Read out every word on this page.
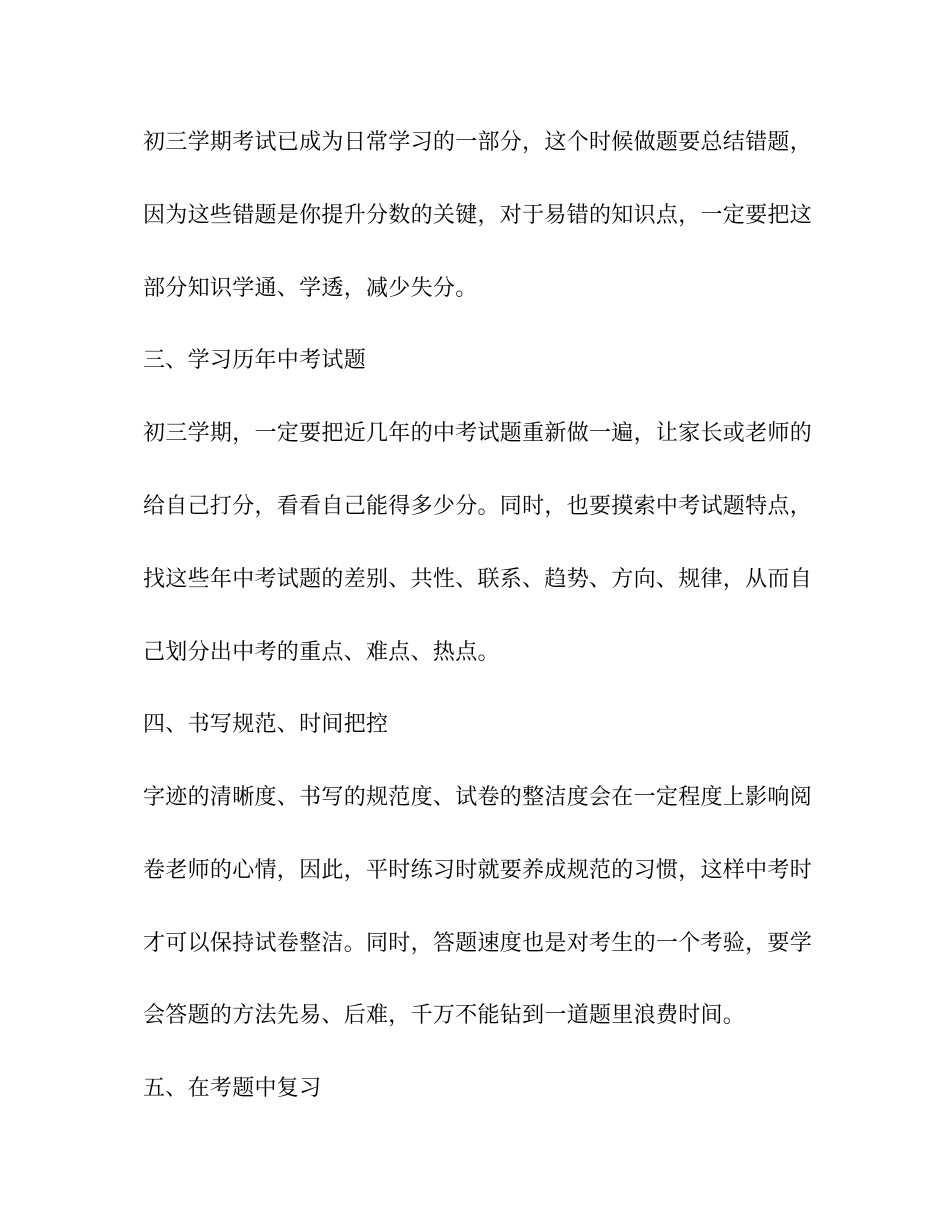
初三学期考试已成为日常学习的一部分，这个时候做题要总结错题，
因为这些错题是你提升分数的关键，对于易错的知识点，一定要把这
部分知识学通、学透，减少失分。
三、学习历年中考试题
初三学期，一定要把近几年的中考试题重新做一遍，让家长或老师的
给自己打分，看看自己能得多少分。同时，也要摸索中考试题特点，
找这些年中考试题的差别、共性、联系、趋势、方向、规律，从而自
己划分出中考的重点、难点、热点。
四、书写规范、时间把控
字迹的清晰度、书写的规范度、试卷的整洁度会在一定程度上影响阅
卷老师的心情，因此，平时练习时就要养成规范的习惯，这样中考时
才可以保持试卷整洁。同时，答题速度也是对考生的一个考验，要学
会答题的方法先易、后难，千万不能钻到一道题里浪费时间。
五、在考题中复习
